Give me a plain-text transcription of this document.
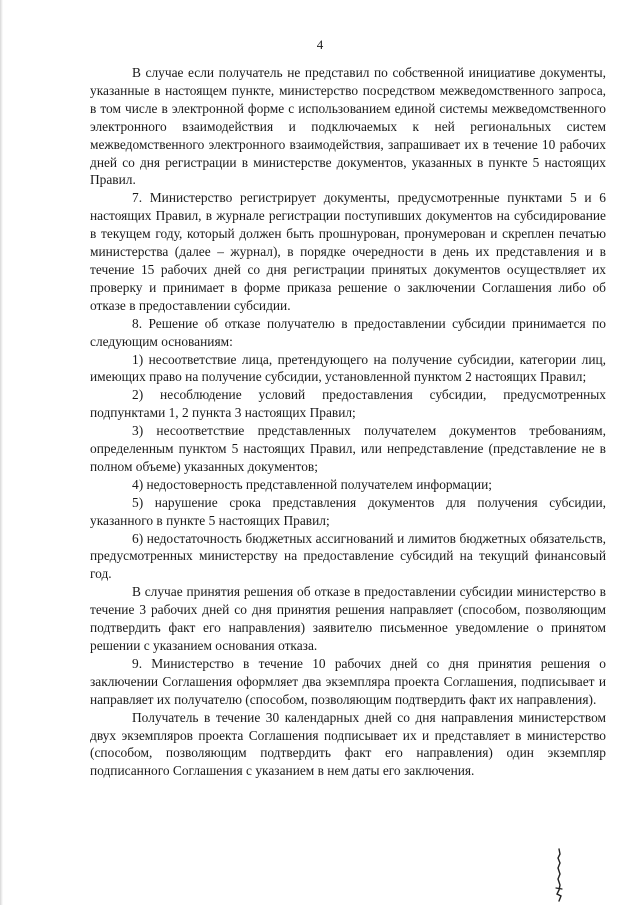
4

В случае если получатель не представил по собственной инициативе документы, указанные в настоящем пункте, министерство посредством межведомственного запроса, в том числе в электронной форме с использованием единой системы межведомственного электронного взаимодействия и подключаемых к ней региональных систем межведомственного электронного взаимодействия, запрашивает их в течение 10 рабочих дней со дня регистрации в министерстве документов, указанных в пункте 5 настоящих Правил.

7. Министерство регистрирует документы, предусмотренные пунктами 5 и 6 настоящих Правил, в журнале регистрации поступивших документов на субсидирование в текущем году, который должен быть прошнурован, пронумерован и скреплен печатью министерства (далее – журнал), в порядке очередности в день их представления и в течение 15 рабочих дней со дня регистрации принятых документов осуществляет их проверку и принимает в форме приказа решение о заключении Соглашения либо об отказе в предоставлении субсидии.

8. Решение об отказе получателю в предоставлении субсидии принимается по следующим основаниям:

1) несоответствие лица, претендующего на получение субсидии, категории лиц, имеющих право на получение субсидии, установленной пунктом 2 настоящих Правил;

2) несоблюдение условий предоставления субсидии, предусмотренных подпунктами 1, 2 пункта 3 настоящих Правил;

3) несоответствие представленных получателем документов требованиям, определенным пунктом 5 настоящих Правил, или непредставление (представление не в полном объеме) указанных документов;

4) недостоверность представленной получателем информации;

5) нарушение срока представления документов для получения субсидии, указанного в пункте 5 настоящих Правил;

6) недостаточность бюджетных ассигнований и лимитов бюджетных обязательств, предусмотренных министерству на предоставление субсидий на текущий финансовый год.

В случае принятия решения об отказе в предоставлении субсидии министерство в течение 3 рабочих дней со дня принятия решения направляет (способом, позволяющим подтвердить факт его направления) заявителю письменное уведомление о принятом решении с указанием основания отказа.

9. Министерство в течение 10 рабочих дней со дня принятия решения о заключении Соглашения оформляет два экземпляра проекта Соглашения, подписывает и направляет их получателю (способом, позволяющим подтвердить факт их направления).

Получатель в течение 30 календарных дней со дня направления министерством двух экземпляров проекта Соглашения подписывает их и представляет в министерство (способом, позволяющим подтвердить факт его направления) один экземпляр подписанного Соглашения с указанием в нем даты его заключения.
